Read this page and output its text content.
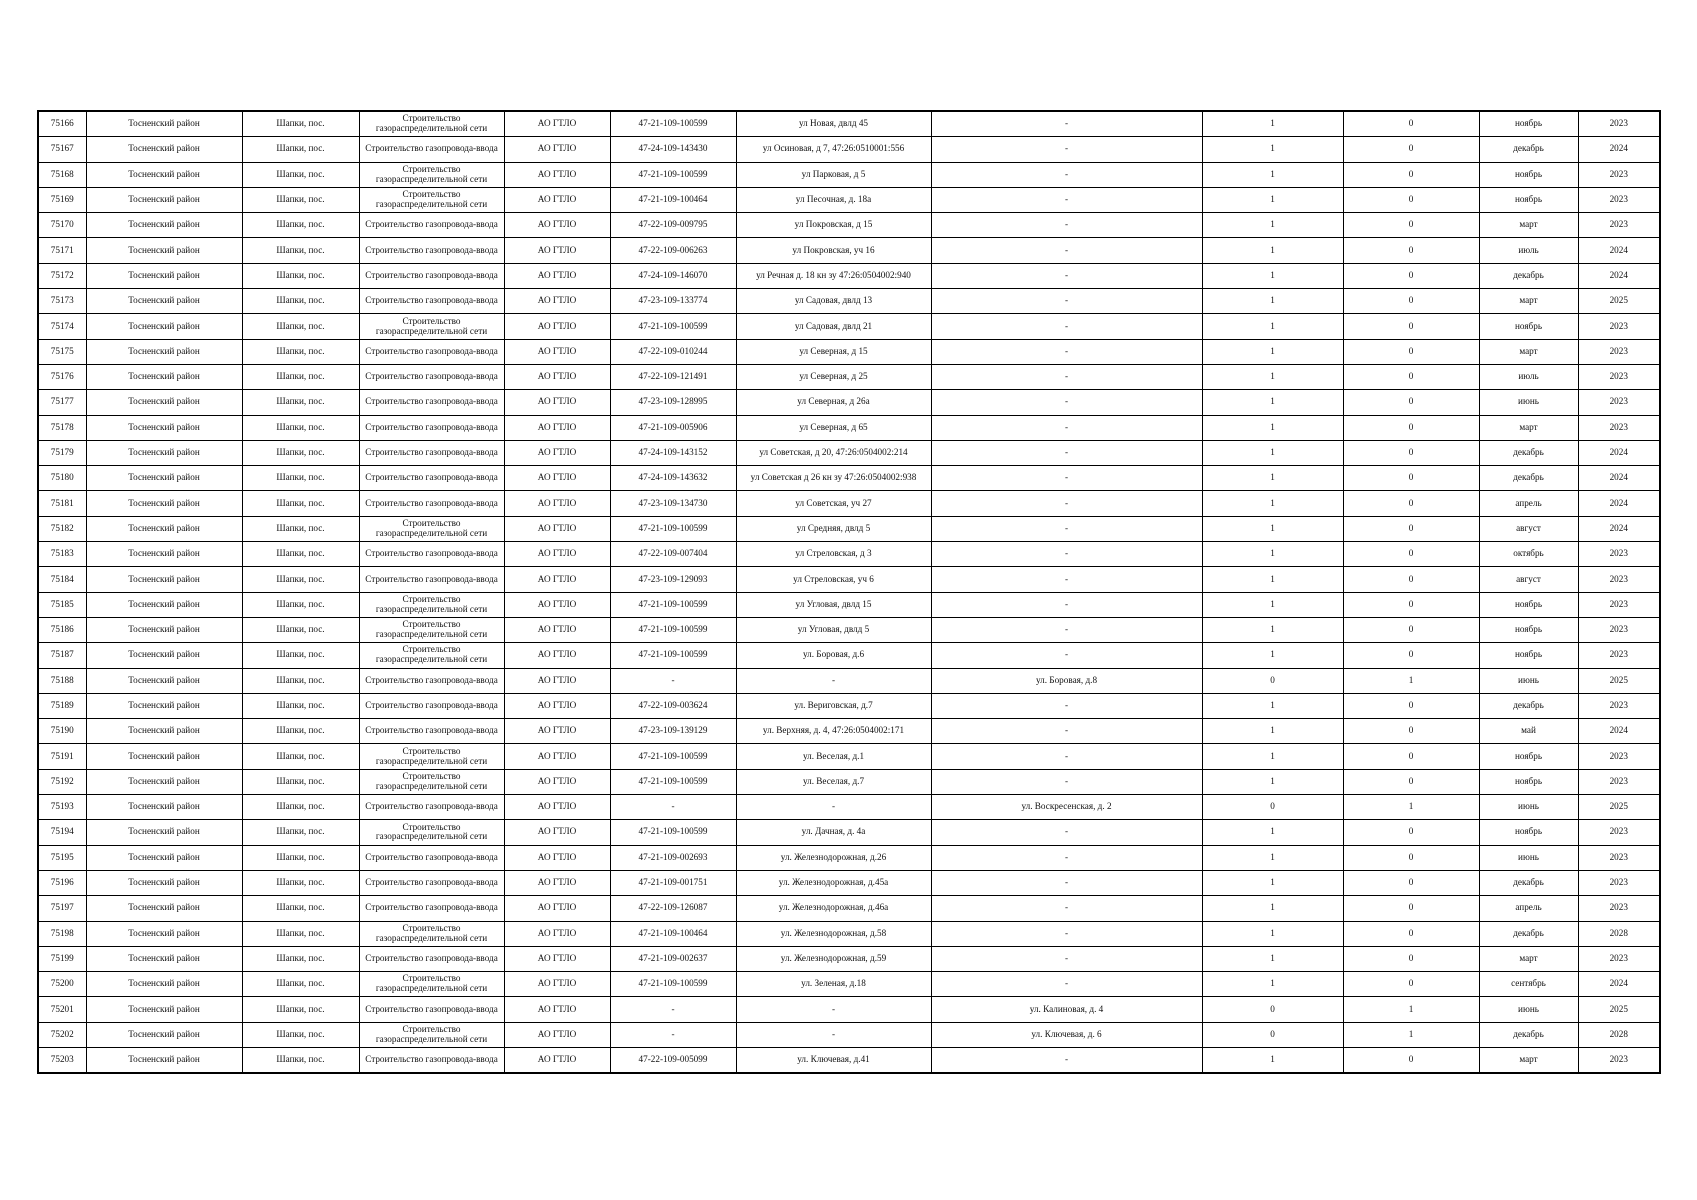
75166	Тосненский район	Шапки, пос.	Строительство газораспределительной сети	АО ГТЛО	47-21-109-100599	ул Новая, двлд 45	-	1	0	ноябрь	2023
75167	Тосненский район	Шапки, пос.	Строительство газопровода-ввода	АО ГТЛО	47-24-109-143430	ул Осиновая, д 7, 47:26:0510001:556	-	1	0	декабрь	2024
75168	Тосненский район	Шапки, пос.	Строительство газораспределительной сети	АО ГТЛО	47-21-109-100599	ул Парковая, д 5	-	1	0	ноябрь	2023
75169	Тосненский район	Шапки, пос.	Строительство газораспределительной сети	АО ГТЛО	47-21-109-100464	ул Песочная, д. 18а	-	1	0	ноябрь	2023
75170	Тосненский район	Шапки, пос.	Строительство газопровода-ввода	АО ГТЛО	47-22-109-009795	ул Покровская, д 15	-	1	0	март	2023
75171	Тосненский район	Шапки, пос.	Строительство газопровода-ввода	АО ГТЛО	47-22-109-006263	ул Покровская, уч 16	-	1	0	июль	2024
75172	Тосненский район	Шапки, пос.	Строительство газопровода-ввода	АО ГТЛО	47-24-109-146070	ул Речная д. 18 кн зу 47:26:0504002:940	-	1	0	декабрь	2024
75173	Тосненский район	Шапки, пос.	Строительство газопровода-ввода	АО ГТЛО	47-23-109-133774	ул Садовая, двлд 13	-	1	0	март	2025
75174	Тосненский район	Шапки, пос.	Строительство газораспределительной сети	АО ГТЛО	47-21-109-100599	ул Садовая, двлд 21	-	1	0	ноябрь	2023
75175	Тосненский район	Шапки, пос.	Строительство газопровода-ввода	АО ГТЛО	47-22-109-010244	ул Северная, д 15	-	1	0	март	2023
75176	Тосненский район	Шапки, пос.	Строительство газопровода-ввода	АО ГТЛО	47-22-109-121491	ул Северная, д 25	-	1	0	июль	2023
75177	Тосненский район	Шапки, пос.	Строительство газопровода-ввода	АО ГТЛО	47-23-109-128995	ул Северная, д 26а	-	1	0	июнь	2023
75178	Тосненский район	Шапки, пос.	Строительство газопровода-ввода	АО ГТЛО	47-21-109-005906	ул Северная, д 65	-	1	0	март	2023
75179	Тосненский район	Шапки, пос.	Строительство газопровода-ввода	АО ГТЛО	47-24-109-143152	ул Советская, д 20, 47:26:0504002:214	-	1	0	декабрь	2024
75180	Тосненский район	Шапки, пос.	Строительство газопровода-ввода	АО ГТЛО	47-24-109-143632	ул Советская д 26 кн зу 47:26:0504002:938	-	1	0	декабрь	2024
75181	Тосненский район	Шапки, пос.	Строительство газопровода-ввода	АО ГТЛО	47-23-109-134730	ул Советская, уч 27	-	1	0	апрель	2024
75182	Тосненский район	Шапки, пос.	Строительство газораспределительной сети	АО ГТЛО	47-21-109-100599	ул Средняя, двлд 5	-	1	0	август	2024
75183	Тосненский район	Шапки, пос.	Строительство газопровода-ввода	АО ГТЛО	47-22-109-007404	ул Стреловская, д 3	-	1	0	октябрь	2023
75184	Тосненский район	Шапки, пос.	Строительство газопровода-ввода	АО ГТЛО	47-23-109-129093	ул Стреловская, уч 6	-	1	0	август	2023
75185	Тосненский район	Шапки, пос.	Строительство газораспределительной сети	АО ГТЛО	47-21-109-100599	ул Угловая, двлд 15	-	1	0	ноябрь	2023
75186	Тосненский район	Шапки, пос.	Строительство газораспределительной сети	АО ГТЛО	47-21-109-100599	ул Угловая, двлд 5	-	1	0	ноябрь	2023
75187	Тосненский район	Шапки, пос.	Строительство газораспределительной сети	АО ГТЛО	47-21-109-100599	ул. Боровая, д.6	-	1	0	ноябрь	2023
75188	Тосненский район	Шапки, пос.	Строительство газопровода-ввода	АО ГТЛО	-	-	ул. Боровая, д.8	0	1	июнь	2025
75189	Тосненский район	Шапки, пос.	Строительство газопровода-ввода	АО ГТЛО	47-22-109-003624	ул. Вериговская, д.7	-	1	0	декабрь	2023
75190	Тосненский район	Шапки, пос.	Строительство газопровода-ввода	АО ГТЛО	47-23-109-139129	ул. Верхняя, д. 4, 47:26:0504002:171	-	1	0	май	2024
75191	Тосненский район	Шапки, пос.	Строительство газораспределительной сети	АО ГТЛО	47-21-109-100599	ул. Веселая, д.1	-	1	0	ноябрь	2023
75192	Тосненский район	Шапки, пос.	Строительство газораспределительной сети	АО ГТЛО	47-21-109-100599	ул. Веселая, д.7	-	1	0	ноябрь	2023
75193	Тосненский район	Шапки, пос.	Строительство газопровода-ввода	АО ГТЛО	-	-	ул. Воскресенская, д. 2	0	1	июнь	2025
75194	Тосненский район	Шапки, пос.	Строительство газораспределительной сети	АО ГТЛО	47-21-109-100599	ул. Дачная, д. 4а	-	1	0	ноябрь	2023
75195	Тосненский район	Шапки, пос.	Строительство газопровода-ввода	АО ГТЛО	47-21-109-002693	ул. Железнодорожная, д.26	-	1	0	июнь	2023
75196	Тосненский район	Шапки, пос.	Строительство газопровода-ввода	АО ГТЛО	47-21-109-001751	ул. Железнодорожная, д.45а	-	1	0	декабрь	2023
75197	Тосненский район	Шапки, пос.	Строительство газопровода-ввода	АО ГТЛО	47-22-109-126087	ул. Железнодорожная, д.46а	-	1	0	апрель	2023
75198	Тосненский район	Шапки, пос.	Строительство газораспределительной сети	АО ГТЛО	47-21-109-100464	ул. Железнодорожная, д.58	-	1	0	декабрь	2028
75199	Тосненский район	Шапки, пос.	Строительство газопровода-ввода	АО ГТЛО	47-21-109-002637	ул. Железнодорожная, д.59	-	1	0	март	2023
75200	Тосненский район	Шапки, пос.	Строительство газораспределительной сети	АО ГТЛО	47-21-109-100599	ул. Зеленая, д.18	-	1	0	сентябрь	2024
75201	Тосненский район	Шапки, пос.	Строительство газопровода-ввода	АО ГТЛО	-	-	ул. Калиновая, д. 4	0	1	июнь	2025
75202	Тосненский район	Шапки, пос.	Строительство газораспределительной сети	АО ГТЛО	-	-	ул. Ключевая, д. 6	0	1	декабрь	2028
75203	Тосненский район	Шапки, пос.	Строительство газопровода-ввода	АО ГТЛО	47-22-109-005099	ул. Ключевая, д.41	-	1	0	март	2023
